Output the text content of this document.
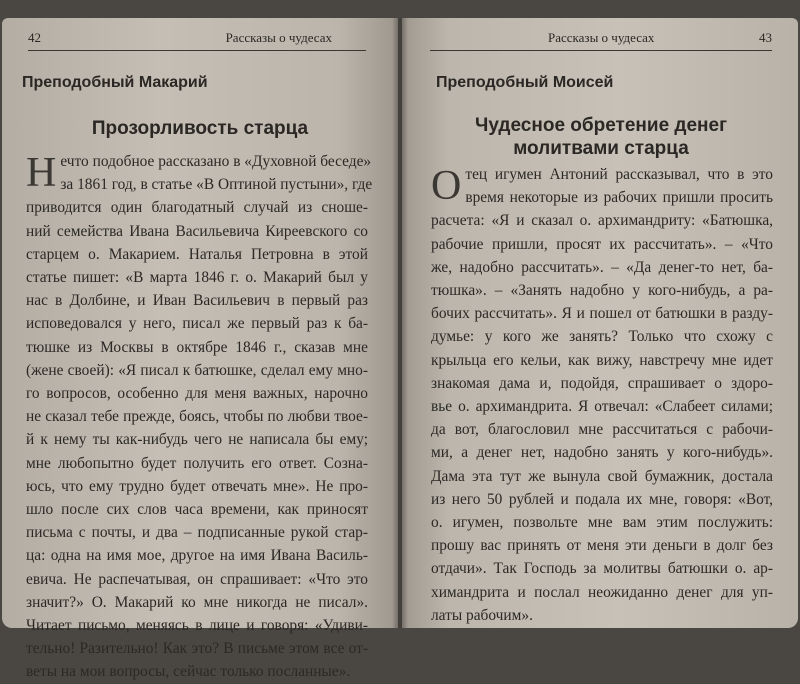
42	Рассказы о чудесах
Преподобный Макарий
Прозорливость старца
Н ечто подобное рассказано в «Духовной беседе»
за 1861 год, в статье «В Оптиной пустыни», где
приводится один благодатный случай из сноше-
ний семейства Ивана Васильевича Киреевского со
старцем о. Макарием. Наталья Петровна в этой
статье пишет: «В марта 1846 г. о. Макарий был у
нас в Долбине, и Иван Васильевич в первый раз
исповедовался у него, писал же первый раз к ба-
тюшке из Москвы в октябре 1846 г., сказав мне
(жене своей): «Я писал к батюшке, сделал ему мно-
го вопросов, особенно для меня важных, нарочно
не сказал тебе прежде, боясь, чтобы по любви твое-
й к нему ты как-нибудь чего не написала бы ему;
мне любопытно будет получить его ответ. Созна-
юсь, что ему трудно будет отвечать мне». Не про-
шло после сих слов часа времени, как приносят
письма с почты, и два – подписанные рукой стар-
ца: одна на имя мое, другое на имя Ивана Василь-
евича. Не распечатывая, он спрашивает: «Что это
значит?» О. Макарий ко мне никогда не писал».
Читает письмо, меняясь в лице и говоря: «Удиви-
тельно! Разительно! Как это? В письме этом все от-
веты на мои вопросы, сейчас только посланные».
Рассказы о чудесах	43
Преподобный Моисей
Чудесное обретение денег
молитвами старца
О тец игумен Антоний рассказывал, что в это
время некоторые из рабочих пришли просить
расчета: «Я и сказал о. архимандриту: «Батюшка,
рабочие пришли, просят их рассчитать». – «Что
же, надобно рассчитать». – «Да денег-то нет, ба-
тюшка». – «Занять надобно у кого-нибудь, а ра-
бочих рассчитать». Я и пошел от батюшки в разду-
думье: у кого же занять? Только что схожу с
крыльца его кельи, как вижу, навстречу мне идет
знакомая дама и, подойдя, спрашивает о здоро-
вье о. архимандрита. Я отвечал: «Слабеет силами;
да вот, благословил мне рассчитаться с рабочи-
ми, а денег нет, надобно занять у кого-нибудь».
Дама эта тут же вынула свой бумажник, достала
из него 50 рублей и подала их мне, говоря: «Вот,
о. игумен, позвольте мне вам этим послужить:
прошу вас принять от меня эти деньги в долг без
отдачи». Так Господь за молитвы батюшки о. ар-
химандрита и послал неожиданно денег для уп-
латы рабочим».
